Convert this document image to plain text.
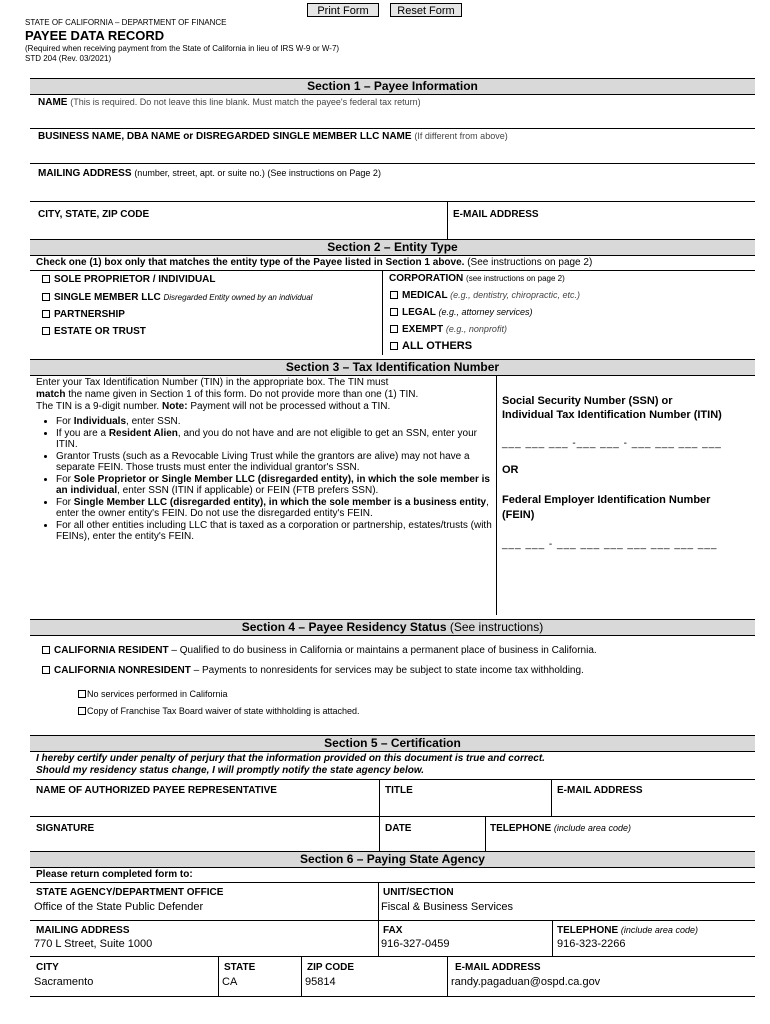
STATE OF CALIFORNIA – DEPARTMENT OF FINANCE
PAYEE DATA RECORD
(Required when receiving payment from the State of California in lieu of IRS W-9 or W-7)
STD 204 (Rev. 03/2021)
Print Form	Reset Form
Section 1 – Payee Information
NAME (This is required. Do not leave this line blank. Must match the payee's federal tax return)
BUSINESS NAME, DBA NAME or DISREGARDED SINGLE MEMBER LLC NAME (If different from above)
MAILING ADDRESS (number, street, apt. or suite no.) (See instructions on Page 2)
CITY, STATE, ZIP CODE	E-MAIL ADDRESS
Section 2 – Entity Type
Check one (1) box only that matches the entity type of the Payee listed in Section 1 above. (See instructions on page 2)
SOLE PROPRIETOR / INDIVIDUAL
SINGLE MEMBER LLC Disregarded Entity owned by an individual
PARTNERSHIP
ESTATE OR TRUST
CORPORATION (see instructions on page 2)
MEDICAL (e.g., dentistry, chiropractic, etc.)
LEGAL (e.g., attorney services)
EXEMPT (e.g., nonprofit)
ALL OTHERS
Section 3 – Tax Identification Number
Enter your Tax Identification Number (TIN) in the appropriate box. The TIN must
match the name given in Section 1 of this form. Do not provide more than one (1) TIN.
The TIN is a 9-digit number. Note: Payment will not be processed without a TIN.
• For Individuals, enter SSN.
• If you are a Resident Alien, and you do not have and are not eligible to get an SSN, enter your ITIN.
• Grantor Trusts (such as a Revocable Living Trust while the grantors are alive) may not have a separate FEIN. Those trusts must enter the individual grantor's SSN.
• For Sole Proprietor or Single Member LLC (disregarded entity), in which the sole member is an individual, enter SSN (ITIN if applicable) or FEIN (FTB prefers SSN).
• For Single Member LLC (disregarded entity), in which the sole member is a business entity, enter the owner entity's FEIN. Do not use the disregarded entity's FEIN.
• For all other entities including LLC that is taxed as a corporation or partnership, estates/trusts (with FEINs), enter the entity's FEIN.
Social Security Number (SSN) or
Individual Tax Identification Number (ITIN)
___ ___ ___ -___ ___ - ___ ___ ___ ___
OR
Federal Employer Identification Number
(FEIN)
___ ___ - ___ ___ ___ ___ ___ ___ ___
Section 4 – Payee Residency Status (See instructions)
CALIFORNIA RESIDENT – Qualified to do business in California or maintains a permanent place of business in California.
CALIFORNIA NONRESIDENT – Payments to nonresidents for services may be subject to state income tax withholding.
No services performed in California
Copy of Franchise Tax Board waiver of state withholding is attached.
Section 5 – Certification
I hereby certify under penalty of perjury that the information provided on this document is true and correct.
Should my residency status change, I will promptly notify the state agency below.
NAME OF AUTHORIZED PAYEE REPRESENTATIVE	TITLE	E-MAIL ADDRESS
SIGNATURE	DATE	TELEPHONE (include area code)
Section 6 – Paying State Agency
Please return completed form to:
STATE AGENCY/DEPARTMENT OFFICE
Office of the State Public Defender
UNIT/SECTION
Fiscal & Business Services
MAILING ADDRESS
770 L Street, Suite 1000
FAX
916-327-0459
TELEPHONE (include area code)
916-323-2266
CITY
Sacramento
STATE
CA
ZIP CODE
95814
E-MAIL ADDRESS
randy.pagaduan@ospd.ca.gov
